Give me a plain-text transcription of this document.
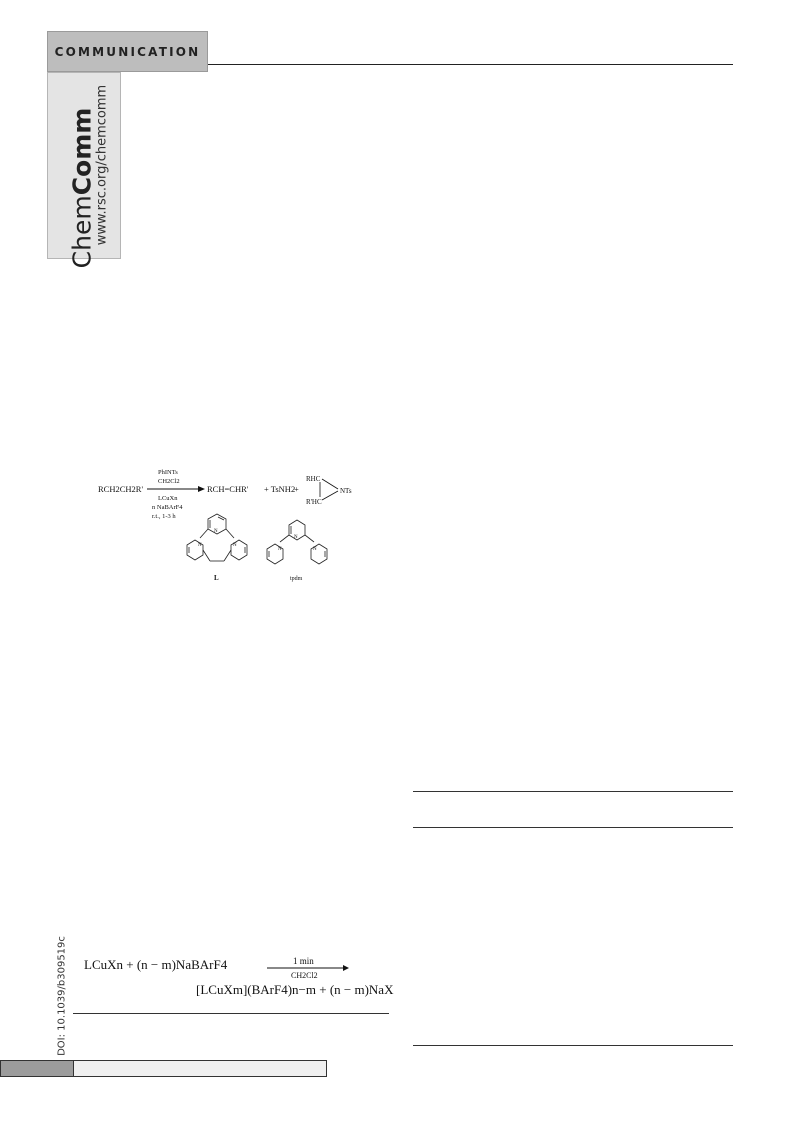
COMMUNICATION
ChemComm
www.rsc.org/chemcomm
RCH2CH2R'
PhINTs
CH2Cl2
LCuXn
n NaBArF4
r.t., 1-3 h
RCH=CHR' + TsNH2
+
RHC
R'HC
NTs
N
N	N
L
N
N	N
tpdm
DOI: 10.1039/b309519c LCuXn + (n − m)NaBArF4	1 min
CH2Cl2
[LCuXm](BArF4)n−m + (n − m)NaX
